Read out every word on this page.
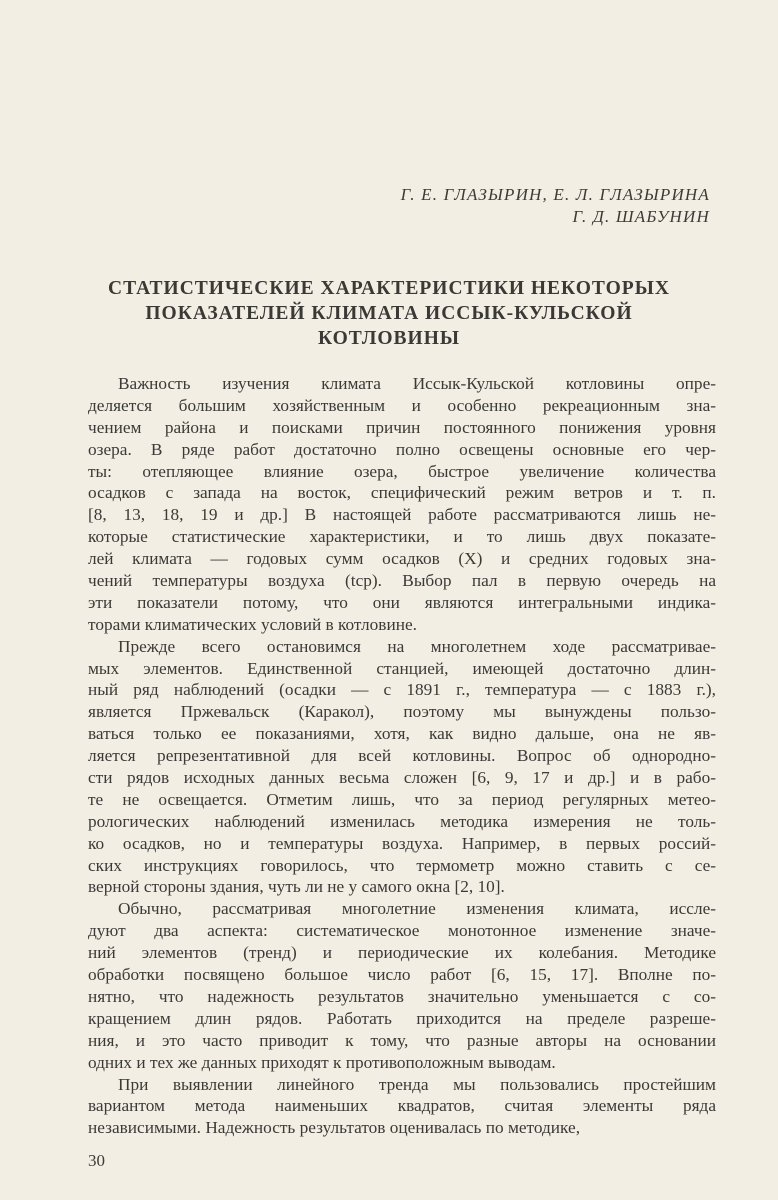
Г. Е. ГЛАЗЫРИН, Е. Л. ГЛАЗЫРИНА
Г. Д. ШАБУНИН
СТАТИСТИЧЕСКИЕ ХАРАКТЕРИСТИКИ НЕКОТОРЫХ
ПОКАЗАТЕЛЕЙ КЛИМАТА ИССЫК-КУЛЬСКОЙ
КОТЛОВИНЫ
Важность изучения климата Иссык-Кульской котловины опре-
деляется большим хозяйственным и особенно рекреационным зна-
чением района и поисками причин постоянного понижения уровня
озера. В ряде работ достаточно полно освещены основные его чер-
ты: отепляющее влияние озера, быстрое увеличение количества
осадков с запада на восток, специфический режим ветров и т. п.
[8, 13, 18, 19 и др.] В настоящей работе рассматриваются лишь не-
которые статистические характеристики, и то лишь двух показате-
лей климата — годовых сумм осадков (X) и средних годовых зна-
чений температуры воздуха (tср). Выбор пал в первую очередь на
эти показатели потому, что они являются интегральными индика-
торами климатических условий в котловине.
Прежде всего остановимся на многолетнем ходе рассматривае-
мых элементов. Единственной станцией, имеющей достаточно длин-
ный ряд наблюдений (осадки — с 1891 г., температура — с 1883 г.),
является Пржевальск (Каракол), поэтому мы вынуждены пользо-
ваться только ее показаниями, хотя, как видно дальше, она не яв-
ляется репрезентативной для всей котловины. Вопрос об однородно-
сти рядов исходных данных весьма сложен [6, 9, 17 и др.] и в рабо-
те не освещается. Отметим лишь, что за период регулярных метео-
рологических наблюдений изменилась методика измерения не толь-
ко осадков, но и температуры воздуха. Например, в первых россий-
ских инструкциях говорилось, что термометр можно ставить с се-
верной стороны здания, чуть ли не у самого окна [2, 10].
Обычно, рассматривая многолетние изменения климата, иссле-
дуют два аспекта: систематическое монотонное изменение значе-
ний элементов (тренд) и периодические их колебания. Методике
обработки посвящено большое число работ [6, 15, 17]. Вполне по-
нятно, что надежность результатов значительно уменьшается с со-
кращением длин рядов. Работать приходится на пределе разреше-
ния, и это часто приводит к тому, что разные авторы на основании
одних и тех же данных приходят к противоположным выводам.
При выявлении линейного тренда мы пользовались простейшим
вариантом метода наименьших квадратов, считая элементы ряда
независимыми. Надежность результатов оценивалась по методике,
30
